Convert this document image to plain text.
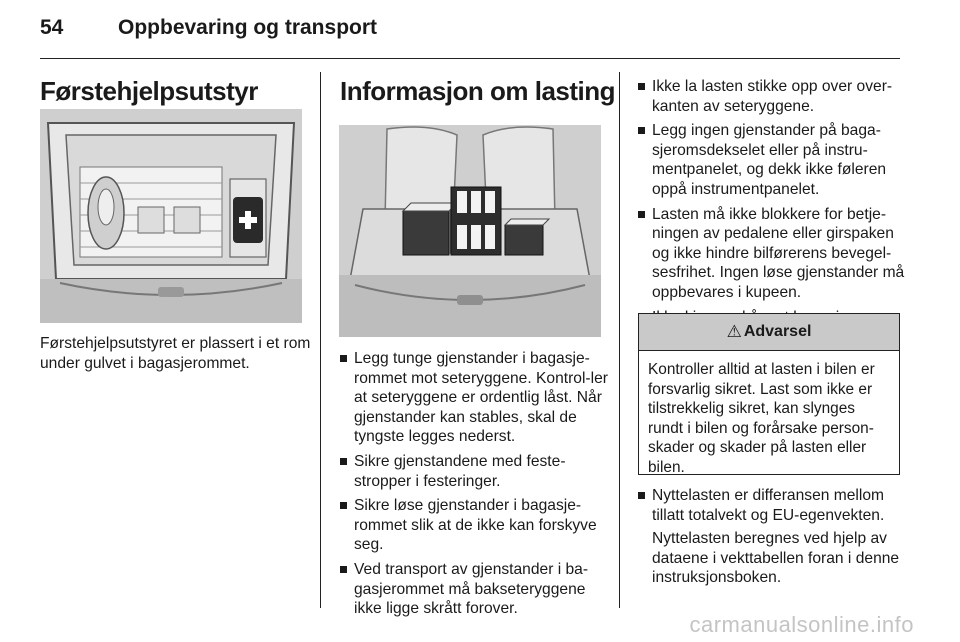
54	Oppbevaring og transport
Førstehjelpsutstyr

Førstehjelpsutstyret er plassert i et rom under gulvet i bagasjerommet.

Informasjon om lasting
Legg tunge gjenstander i bagasje-rommet mot seteryggene. Kontrol-ler at seteryggene er ordentlig låst. Når gjenstander kan stables, skal de tyngste legges nederst.
Sikre gjenstandene med feste-stropper i festeringer.
Sikre løse gjenstander i bagasje-rommet slik at de ikke kan forskyve seg.
Ved transport av gjenstander i ba-gasjerommet må bakseteryggene ikke ligge skrått forover.
Ikke la lasten stikke opp over over-kanten av seteryggene.
Legg ingen gjenstander på baga-sjeromsdekselet eller på instru-mentpanelet, og dekk ikke føleren oppå instrumentpanelet.
Lasten må ikke blokkere for betje-ningen av pedalene eller girspaken og ikke hindre bilførerens bevegel-sesfrihet. Ingen løse gjenstander må oppbevares i kupeen.
⚠ Advarsel
Kontroller alltid at lasten i bilen er forsvarlig sikret. Last som ikke er tilstrekkelig sikret, kan slynges rundt i bilen og forårsake person-skader og skader på lasten eller bilen.
Nyttelasten er differansen mellom tillatt totalvekt og EU-egenvekten.
Nyttelasten beregnes ved hjelp av dataene i vekttabellen foran i denne instruksjonsboken.
carmanualsonline.info
